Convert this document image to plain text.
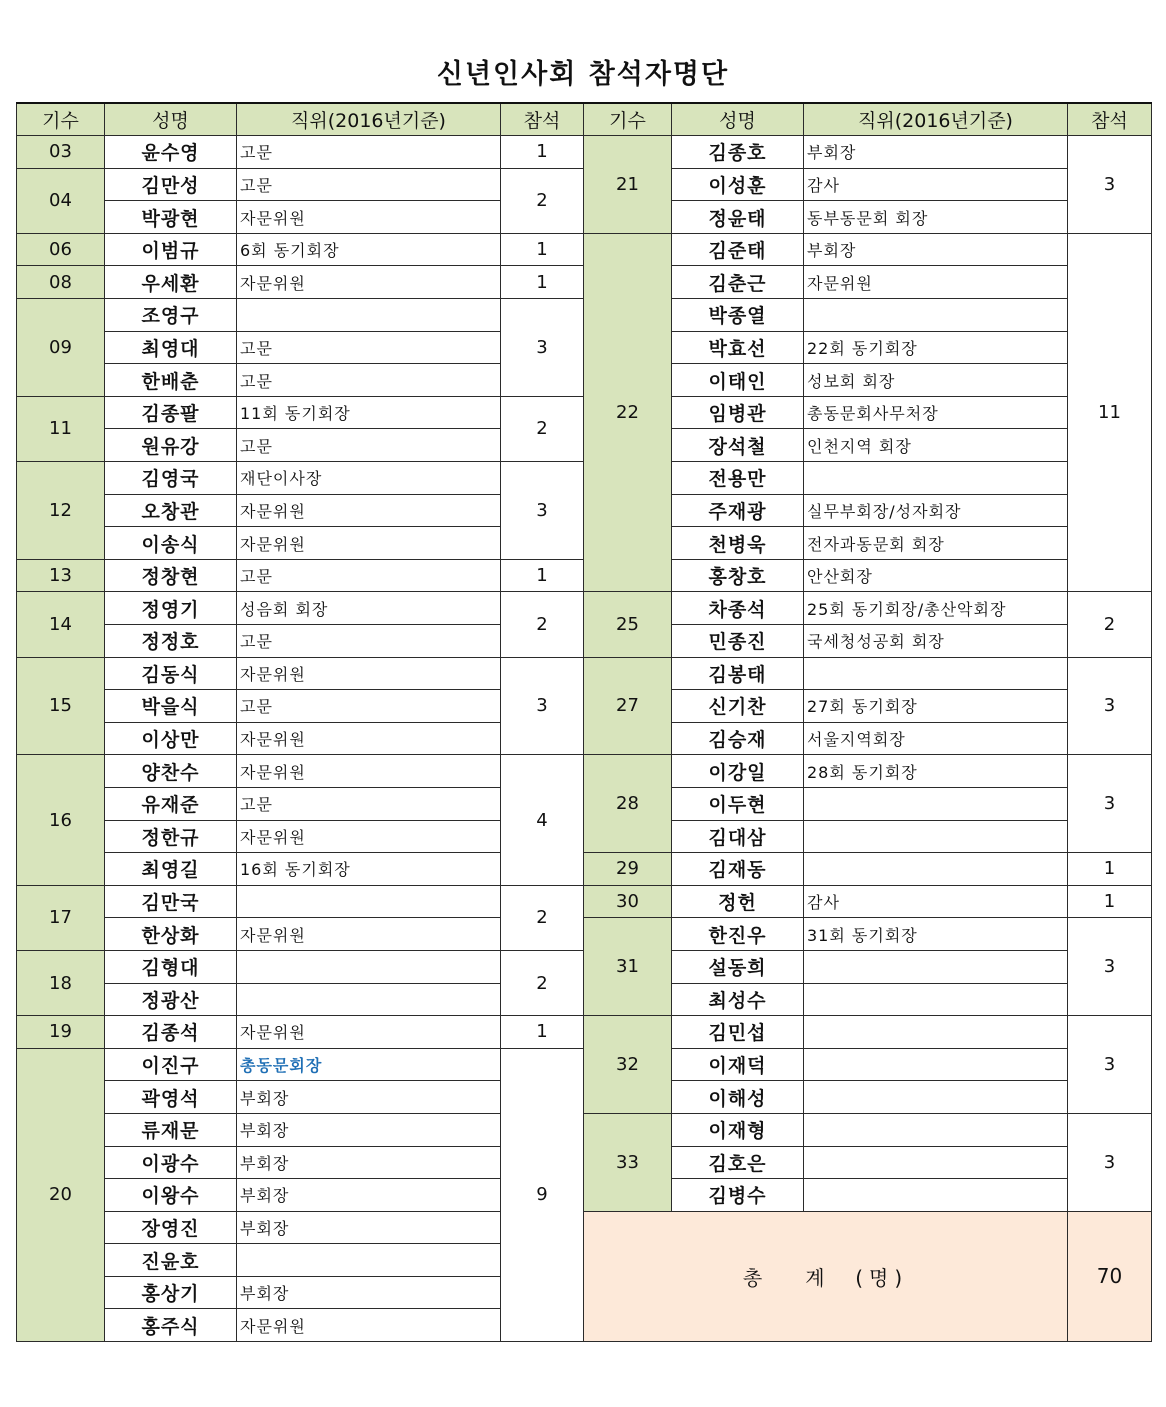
신년인사회 참석자명단
기수	성명	직위(2016년기준)	참석	기수	성명	직위(2016년기준)	참석
03	윤수영	고문	1	21	김종호	부회장	3
04	김만성	고문	2		이성훈	감사	
	박광현	자문위원			정윤태	동부동문회 회장	
06	이범규	6회 동기회장	1	22	김준태	부회장	11
08	우세환	자문위원	1		김춘근	자문위원	
09	조영구		3		박종열		
	최영대	고문			박효선	22회 동기회장	
	한배춘	고문			이태인	성보회 회장	
11	김종팔	11회 동기회장	2		임병관	총동문회사무처장	
	원유강	고문			장석철	인천지역 회장	
12	김영국	재단이사장	3		전용만		
	오창관	자문위원			주재광	실무부회장/성자회장	
	이송식	자문위원			천병욱	전자과동문회 회장	
13	정창현	고문	1		홍창호	안산회장	
14	정영기	성음회 회장	2	25	차종석	25회 동기회장/총산악회장	2
	정정호	고문			민종진	국세청성공회 회장	
15	김동식	자문위원	3	27	김봉태		3
	박을식	고문			신기찬	27회 동기회장	
	이상만	자문위원			김승재	서울지역회장	
16	양찬수	자문위원	4	28	이강일	28회 동기회장	3
	유재준	고문			이두현		
	정한규	자문위원			김대삼		
	최영길	16회 동기회장		29	김재동		1
17	김만국		2	30	정헌	감사	1
	한상화	자문위원		31	한진우	31회 동기회장	3
18	김형대		2		설동희		
	정광산				최성수		
19	김종석	자문위원	1	32	김민섭		3
20	이진구	총동문회장	9		이재덕		
	곽영석	부회장			이해성		
	류재문	부회장		33	이재형		3
	이광수	부회장			김호은		
	이왕수	부회장			김병수		
	장영진	부회장		총   계  (명)			70
	진윤호						
	홍상기	부회장					
	홍주식	자문위원					
